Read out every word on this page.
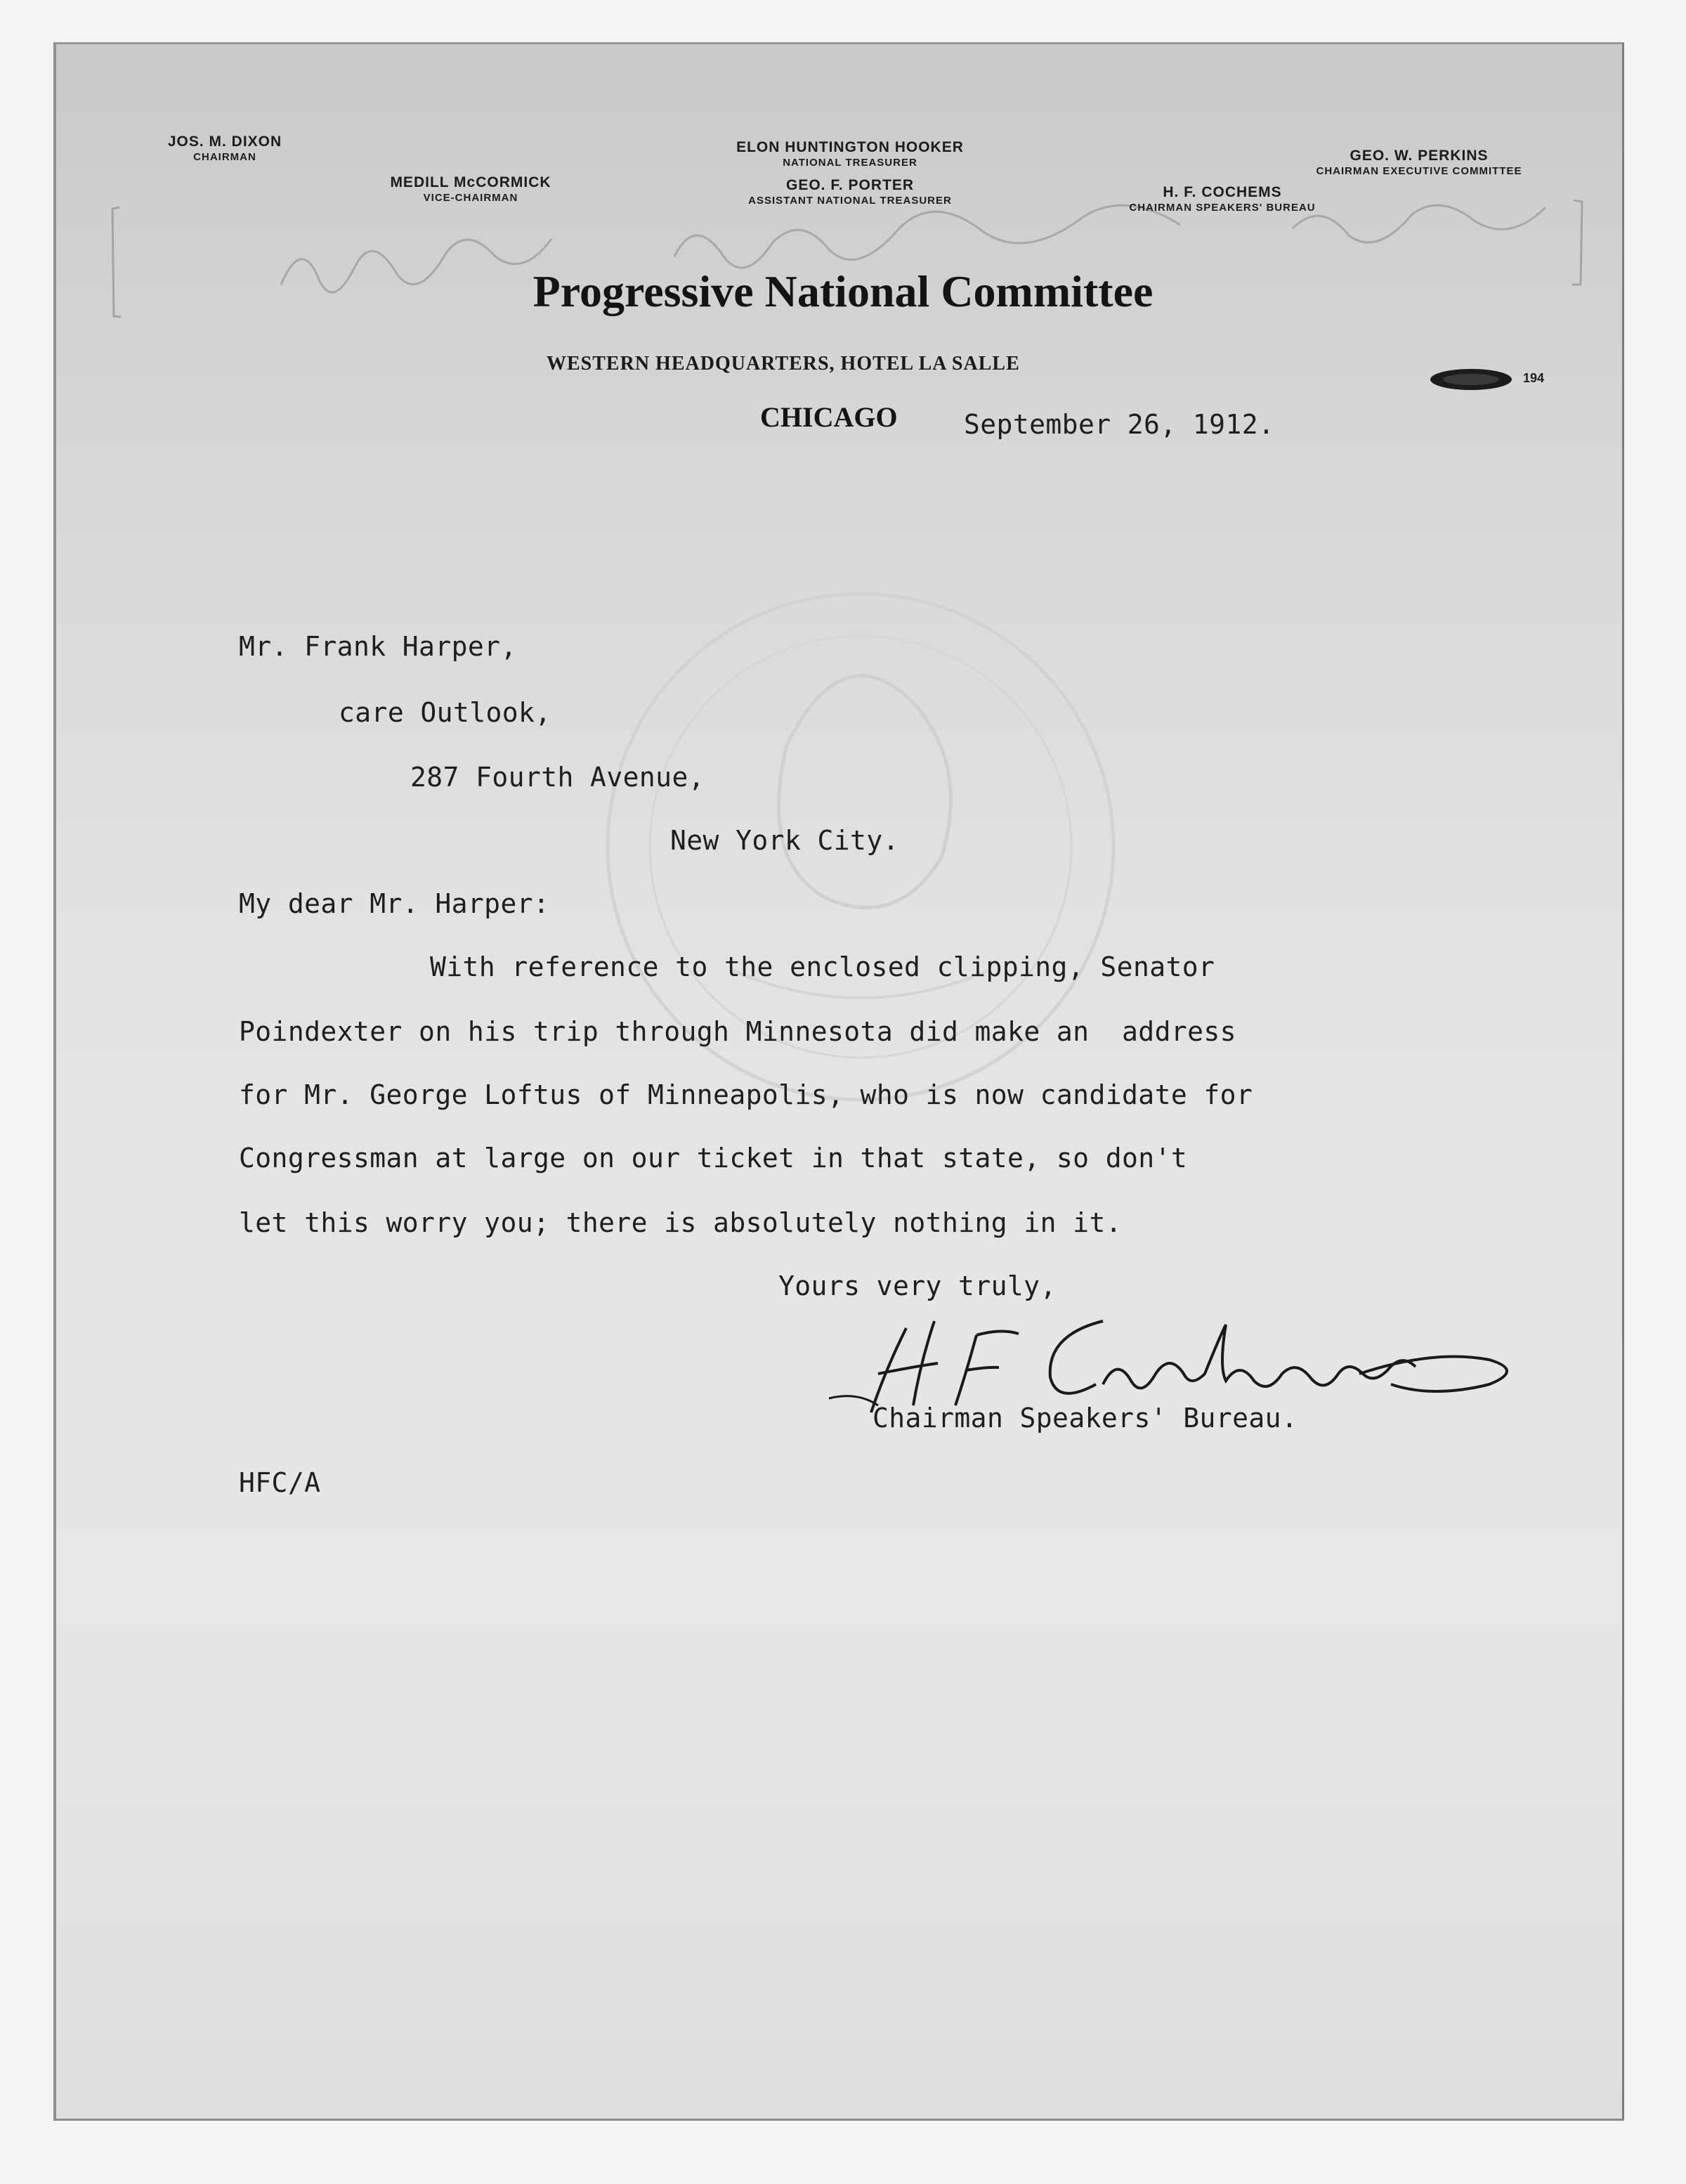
JOS. M. DIXON
CHAIRMAN
MEDILL McCORMICK
VICE-CHAIRMAN
ELON HUNTINGTON HOOKER
NATIONAL TREASURER
GEO. F. PORTER
ASSISTANT NATIONAL TREASURER
H. F. COCHEMS
CHAIRMAN SPEAKERS' BUREAU
GEO. W. PERKINS
CHAIRMAN EXECUTIVE COMMITTEE
Progressive National Committee
WESTERN HEADQUARTERS, HOTEL LA SALLE
194
CHICAGO September 26, 1912.
Mr. Frank Harper,
care Outlook,
287 Fourth Avenue,
New York City.
My dear Mr. Harper:
With reference to the enclosed clipping, Senator
Poindexter on his trip through Minnesota did make an  address
for Mr. George Loftus of Minneapolis, who is now candidate for
Congressman at large on our ticket in that state, so don't
let this worry you; there is absolutely nothing in it.
Yours very truly,
Chairman Speakers' Bureau.
HFC/A
